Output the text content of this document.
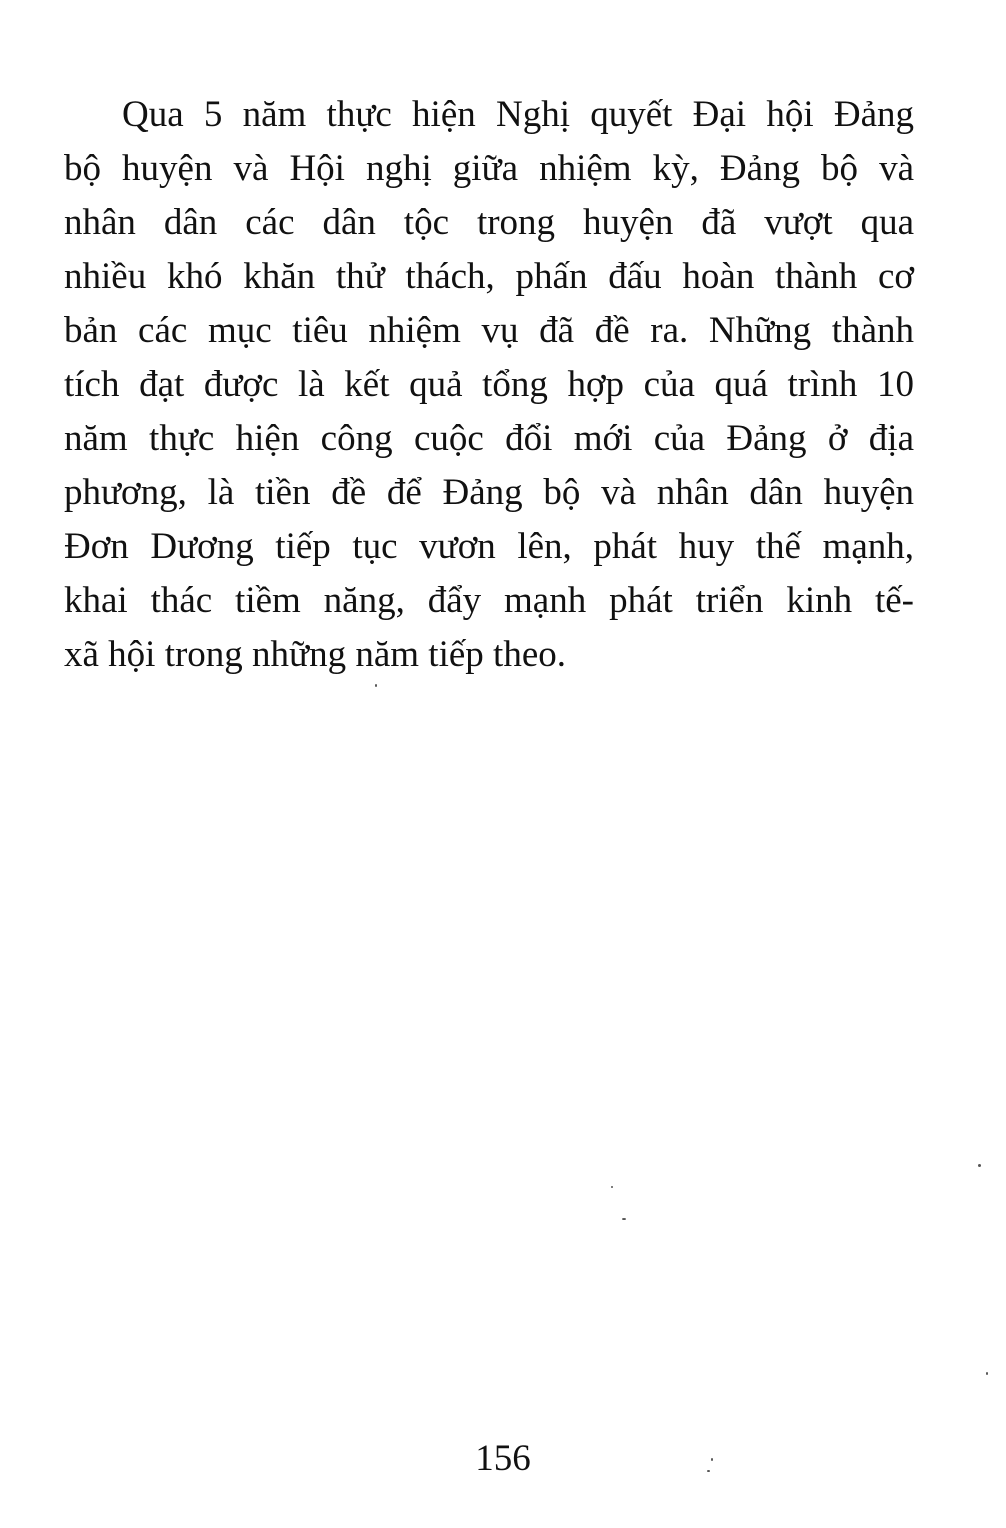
Qua 5 năm thực hiện Nghị quyết Đại hội Đảng
bộ huyện và Hội nghị giữa nhiệm kỳ, Đảng bộ và
nhân dân các dân tộc trong huyện đã vượt qua
nhiều khó khăn thử thách, phấn đấu hoàn thành cơ
bản các mục tiêu nhiệm vụ đã đề ra. Những thành
tích đạt được là kết quả tổng hợp của quá trình 10
năm thực hiện công cuộc đổi mới của Đảng ở địa
phương, là tiền đề để Đảng bộ và nhân dân huyện
Đơn Dương tiếp tục vươn lên, phát huy thế mạnh,
khai thác tiềm năng, đẩy mạnh phát triển kinh tế-
xã hội trong những năm tiếp theo.
156
